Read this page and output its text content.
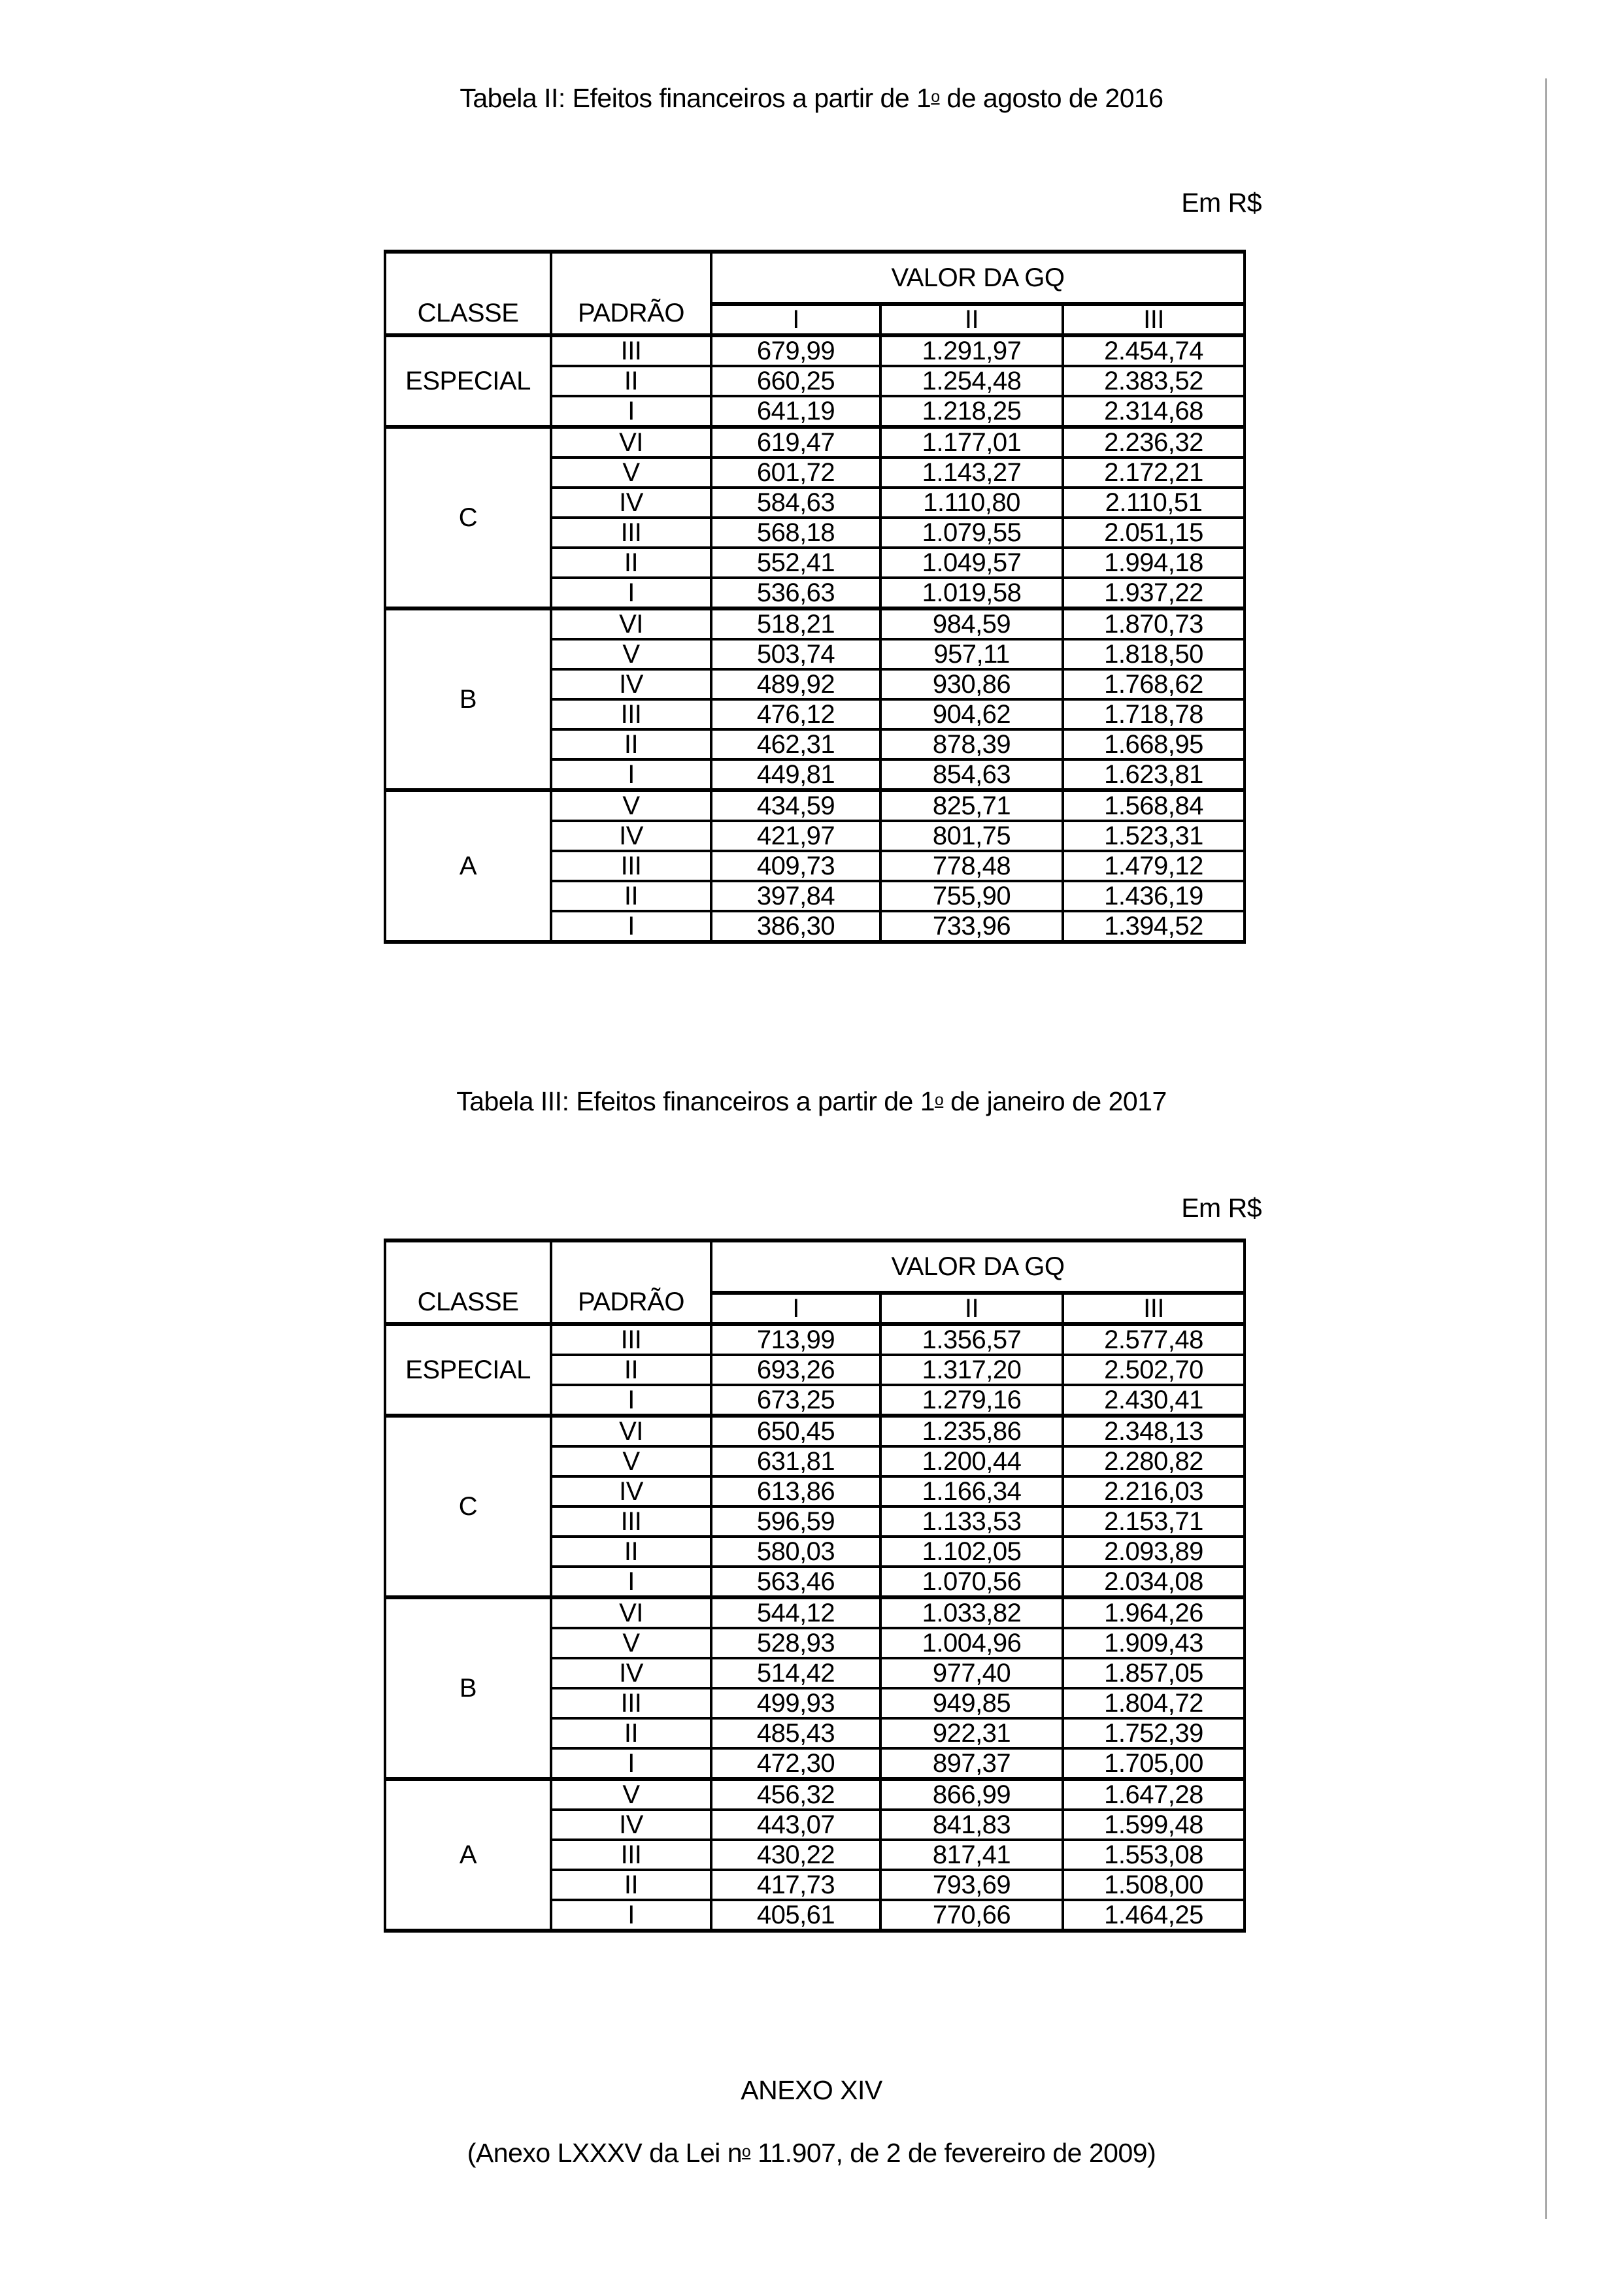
Tabela II: Efeitos financeiros a partir de 1o de agosto de 2016
Em R$
CLASSE	PADRÃO	VALOR DA GQ		
		I	II	III
ESPECIAL	III	679,99	1.291,97	2.454,74
	II	660,25	1.254,48	2.383,52
	I	641,19	1.218,25	2.314,68
C	VI	619,47	1.177,01	2.236,32
	V	601,72	1.143,27	2.172,21
	IV	584,63	1.110,80	2.110,51
	III	568,18	1.079,55	2.051,15
	II	552,41	1.049,57	1.994,18
	I	536,63	1.019,58	1.937,22
B	VI	518,21	984,59	1.870,73
	V	503,74	957,11	1.818,50
	IV	489,92	930,86	1.768,62
	III	476,12	904,62	1.718,78
	II	462,31	878,39	1.668,95
	I	449,81	854,63	1.623,81
A	V	434,59	825,71	1.568,84
	IV	421,97	801,75	1.523,31
	III	409,73	778,48	1.479,12
	II	397,84	755,90	1.436,19
	I	386,30	733,96	1.394,52
Tabela III: Efeitos financeiros a partir de 1o de janeiro de 2017
Em R$
CLASSE	PADRÃO	VALOR DA GQ		
		I	II	III
ESPECIAL	III	713,99	1.356,57	2.577,48
	II	693,26	1.317,20	2.502,70
	I	673,25	1.279,16	2.430,41
C	VI	650,45	1.235,86	2.348,13
	V	631,81	1.200,44	2.280,82
	IV	613,86	1.166,34	2.216,03
	III	596,59	1.133,53	2.153,71
	II	580,03	1.102,05	2.093,89
	I	563,46	1.070,56	2.034,08
B	VI	544,12	1.033,82	1.964,26
	V	528,93	1.004,96	1.909,43
	IV	514,42	977,40	1.857,05
	III	499,93	949,85	1.804,72
	II	485,43	922,31	1.752,39
	I	472,30	897,37	1.705,00
A	V	456,32	866,99	1.647,28
	IV	443,07	841,83	1.599,48
	III	430,22	817,41	1.553,08
	II	417,73	793,69	1.508,00
	I	405,61	770,66	1.464,25
ANEXO XIV
(Anexo LXXXV da Lei no 11.907, de 2 de fevereiro de 2009)
